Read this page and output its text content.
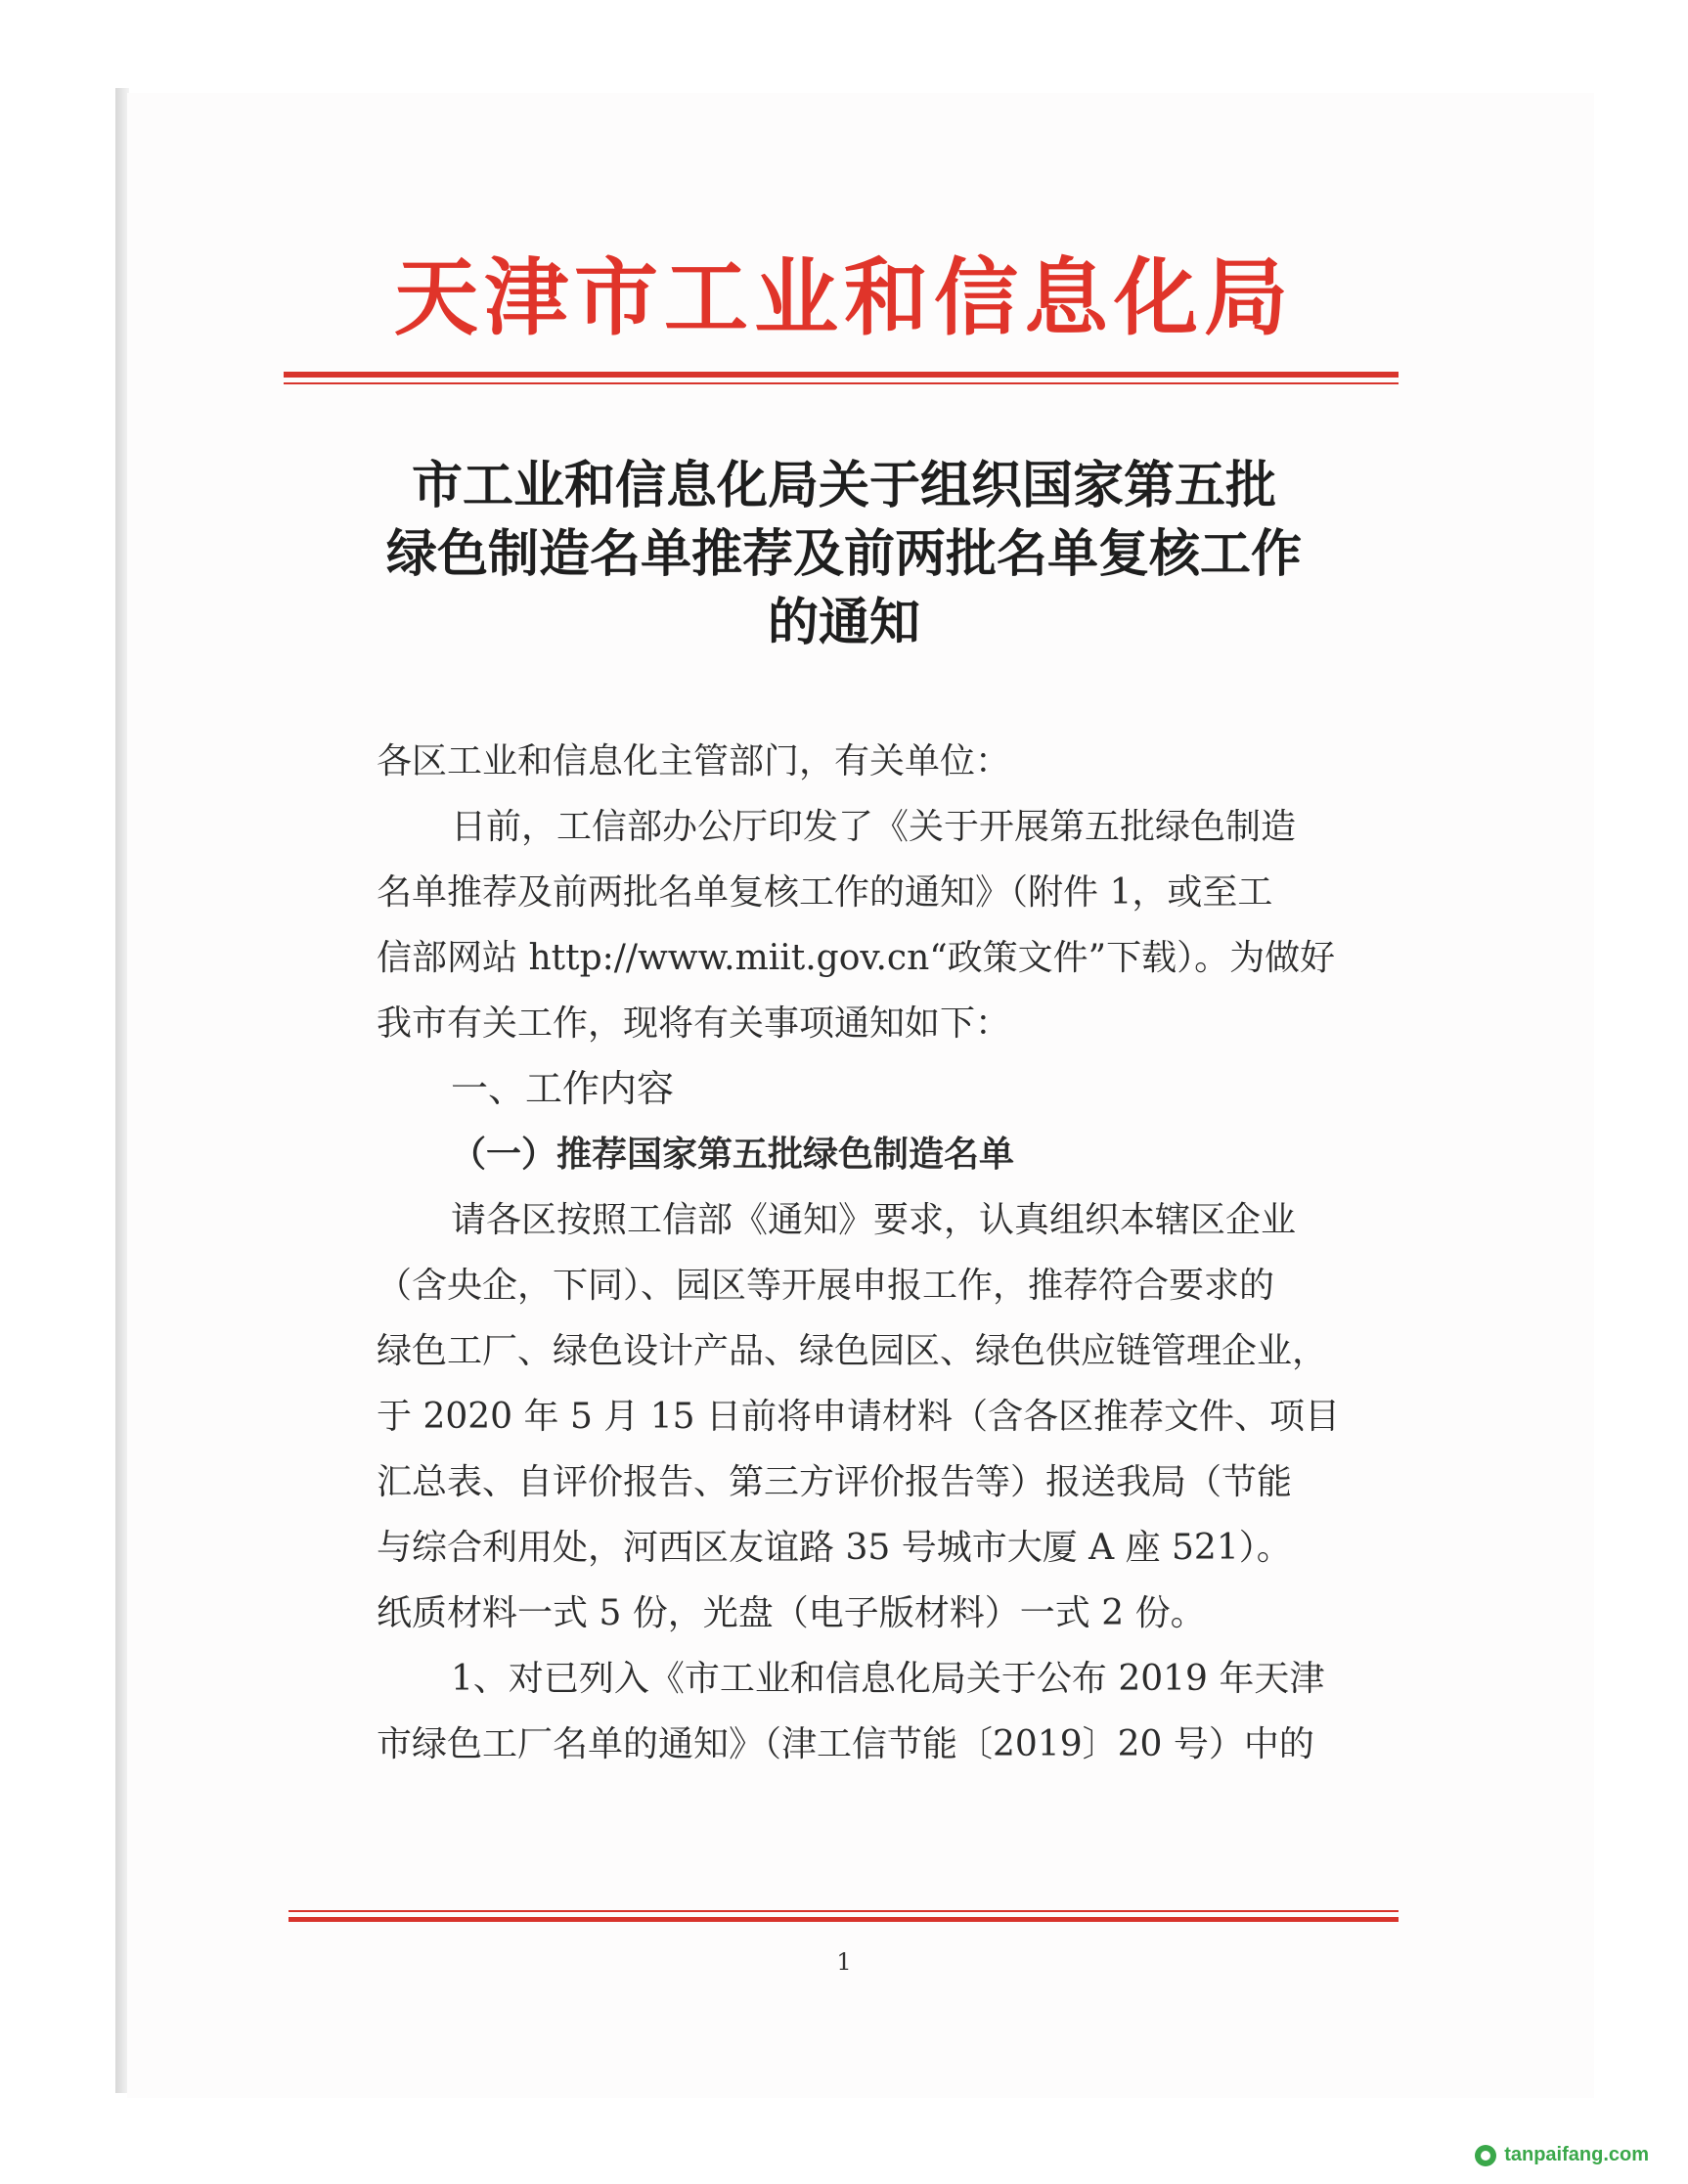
天津市工业和信息化局
市工业和信息化局关于组织国家第五批
绿色制造名单推荐及前两批名单复核工作
的通知
各区工业和信息化主管部门，有关单位：
日前，工信部办公厅印发了《关于开展第五批绿色制造
名单推荐及前两批名单复核工作的通知》（附件 1，或至工
信部网站 http://www.miit.gov.cn“政策文件”下载）。为做好
我市有关工作，现将有关事项通知如下：
一、工作内容
（一）推荐国家第五批绿色制造名单
请各区按照工信部《通知》要求，认真组织本辖区企业
（含央企，下同）、园区等开展申报工作，推荐符合要求的
绿色工厂、绿色设计产品、绿色园区、绿色供应链管理企业，
于 2020 年 5 月 15 日前将申请材料（含各区推荐文件、项目
汇总表、自评价报告、第三方评价报告等）报送我局（节能
与综合利用处，河西区友谊路 35 号城市大厦 A 座 521）。
纸质材料一式 5 份，光盘（电子版材料）一式 2 份。
1、对已列入《市工业和信息化局关于公布 2019 年天津
市绿色工厂名单的通知》（津工信节能〔2019〕20 号）中的
1
tanpaifang.com
